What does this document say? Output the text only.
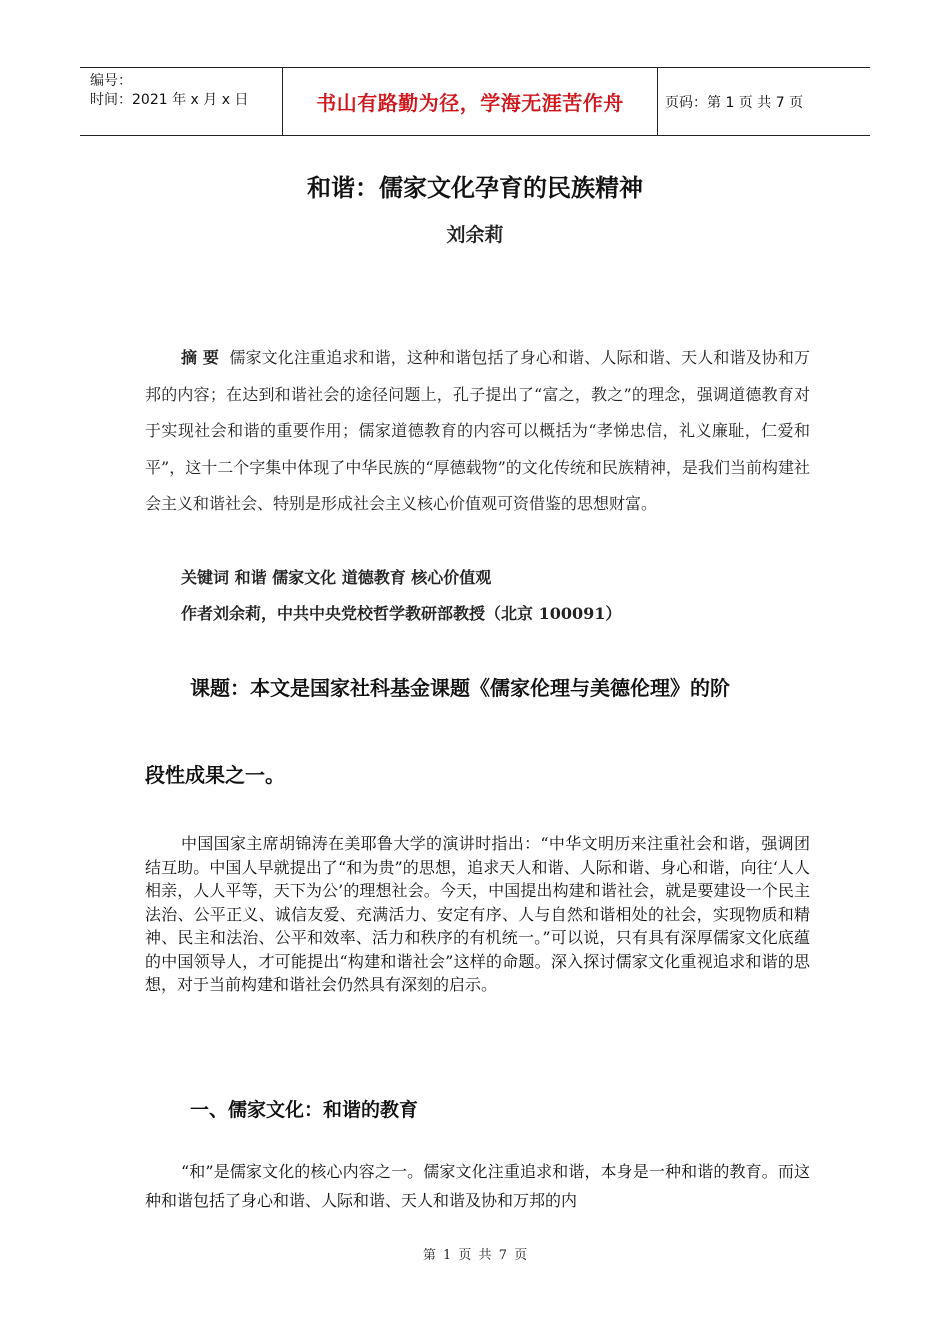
编号：
时间：2021 年 x 月 x 日	书山有路勤为径，学海无涯苦作舟	页码：第 1 页 共 7 页
和谐：儒家文化孕育的民族精神
刘余莉
摘 要 儒家文化注重追求和谐，这种和谐包括了身心和谐、人际和谐、天人和谐及协和万邦的内容；在达到和谐社会的途径问题上，孔子提出了“富之，教之”的理念，强调道德教育对于实现社会和谐的重要作用；儒家道德教育的内容可以概括为“孝悌忠信，礼义廉耻，仁爱和平”，这十二个字集中体现了中华民族的“厚德载物”的文化传统和民族精神，是我们当前构建社会主义和谐社会、特别是形成社会主义核心价值观可资借鉴的思想财富。
关键词 和谐 儒家文化 道德教育 核心价值观
作者刘余莉，中共中央党校哲学教研部教授（北京 100091）
课题：本文是国家社科基金课题《儒家伦理与美德伦理》的阶
段性成果之一。
中国国家主席胡锦涛在美耶鲁大学的演讲时指出：“中华文明历来注重社会和谐，强调团结互助。中国人早就提出了“和为贵”的思想，追求天人和谐、人际和谐、身心和谐，向往‘人人相亲，人人平等，天下为公’的理想社会。今天，中国提出构建和谐社会，就是要建设一个民主法治、公平正义、诚信友爱、充满活力、安定有序、人与自然和谐相处的社会，实现物质和精神、民主和法治、公平和效率、活力和秩序的有机统一。”可以说，只有具有深厚儒家文化底蕴的中国领导人，才可能提出“构建和谐社会”这样的命题。深入探讨儒家文化重视追求和谐的思想，对于当前构建和谐社会仍然具有深刻的启示。
一、儒家文化：和谐的教育
“和”是儒家文化的核心内容之一。儒家文化注重追求和谐，本身是一种和谐的教育。而这种和谐包括了身心和谐、人际和谐、天人和谐及协和万邦的内
第 1 页 共 7 页
